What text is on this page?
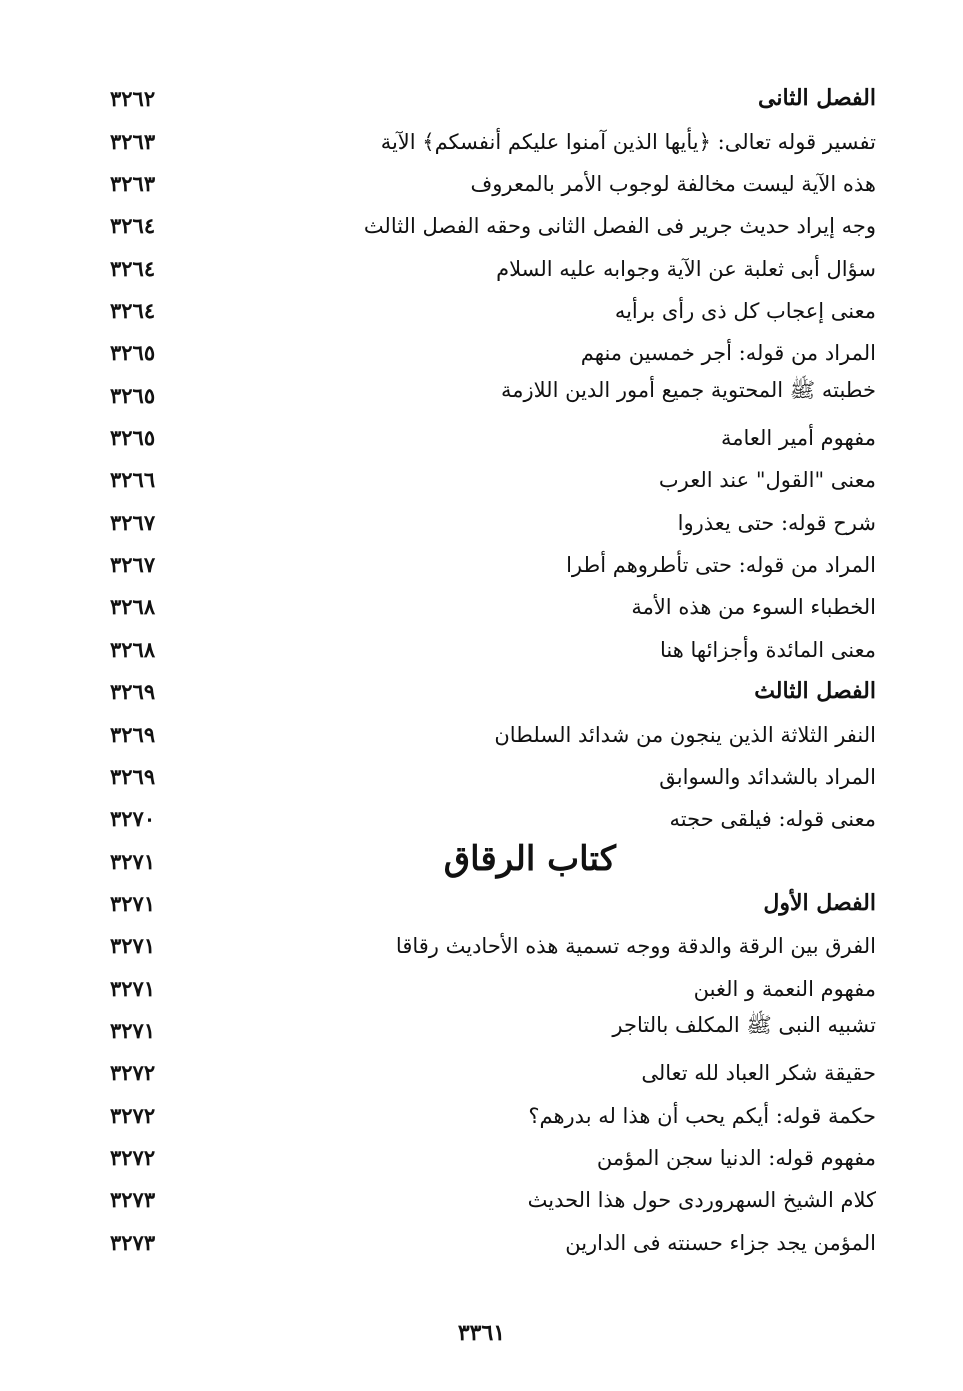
الفصل الثانى
٣٢٦٢
تفسير قوله تعالى: ﴿يأيها الذين آمنوا عليكم أنفسكم﴾ الآية
٣٢٦٣
هذه الآية ليست مخالفة لوجوب الأمر بالمعروف
٣٢٦٣
وجه إيراد حديث جرير فى الفصل الثانى وحقه الفصل الثالث
٣٢٦٤
سؤال أبى ثعلبة عن الآية وجوابه عليه السلام
٣٢٦٤
معنى إعجاب كل ذى رأى برأيه
٣٢٦٤
المراد من قوله: أجر خمسين منهم
٣٢٦٥
خطبته ﷺ المحتوية جميع أمور الدين اللازمة
٣٢٦٥
مفهوم أمير العامة
٣٢٦٥
معنى "القول" عند العرب
٣٢٦٦
شرح قوله: حتى يعذروا
٣٢٦٧
المراد من قوله: حتى تأطروهم أطرا
٣٢٦٧
الخطباء السوء من هذه الأمة
٣٢٦٨
معنى المائدة وأجزائها هنا
٣٢٦٨
الفصل الثالث
٣٢٦٩
النفر الثلاثة الذين ينجون من شدائد السلطان
٣٢٦٩
المراد بالشدائد والسوابق
٣٢٦٩
معنى قوله: فيلقى حجته
٣٢٧٠
كتاب الرقاق
٣٢٧١
الفصل الأول
٣٢٧١
الفرق بين الرقة والدقة ووجه تسمية هذه الأحاديث رقاقا
٣٢٧١
مفهوم النعمة و الغبن
٣٢٧١
تشبيه النبى ﷺ المكلف بالتاجر
٣٢٧١
حقيقة شكر العباد لله تعالى
٣٢٧٢
حكمة قوله: أيكم يحب أن هذا له بدرهم؟
٣٢٧٢
مفهوم قوله: الدنيا سجن المؤمن
٣٢٧٢
كلام الشيخ السهروردى حول هذا الحديث
٣٢٧٣
المؤمن يجد جزاء حسنته فى الدارين
٣٢٧٣
٣٣٦١
